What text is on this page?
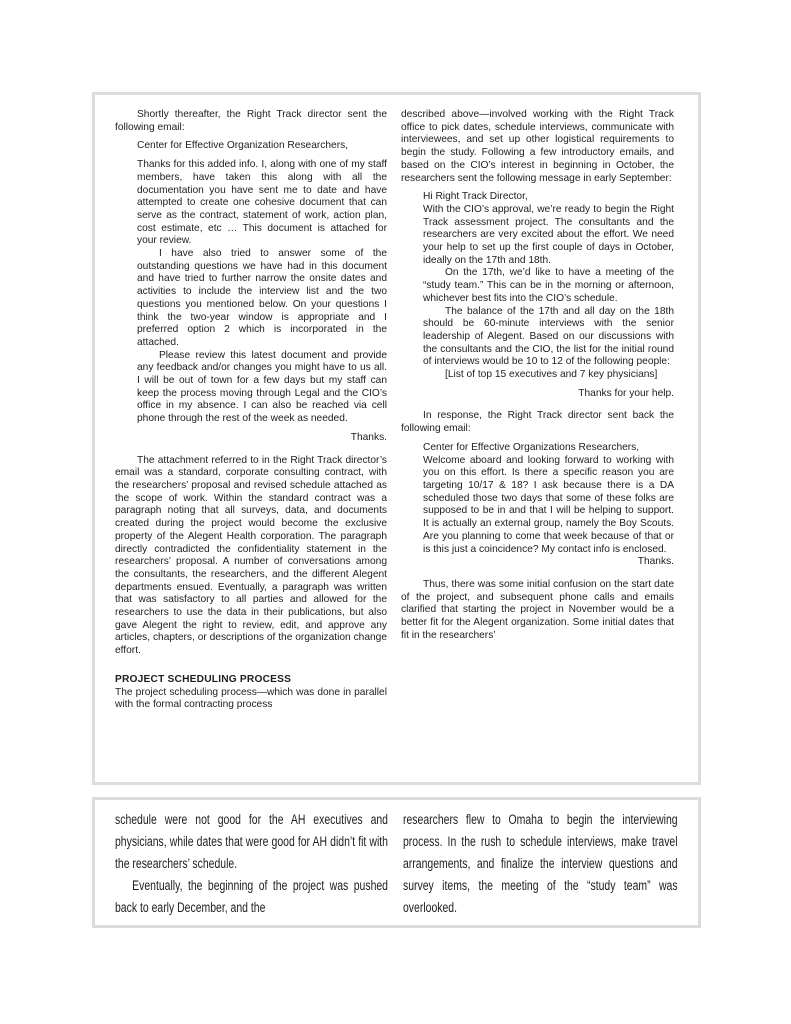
Shortly thereafter, the Right Track director sent the following email:

Center for Effective Organization Researchers,

Thanks for this added info. I, along with one of my staff members, have taken this along with all the documentation you have sent me to date and have attempted to create one cohesive document that can serve as the contract, statement of work, action plan, cost estimate, etc … This document is attached for your review.

I have also tried to answer some of the outstanding questions we have had in this document and have tried to further narrow the onsite dates and activities to include the interview list and the two questions you mentioned below. On your questions I think the two-year window is appropriate and I preferred option 2 which is incorporated in the attached.

Please review this latest document and provide any feedback and/or changes you might have to us all. I will be out of town for a few days but my staff can keep the process moving through Legal and the CIO’s office in my absence. I can also be reached via cell phone through the rest of the week as needed.

Thanks.

The attachment referred to in the Right Track director’s email was a standard, corporate consulting contract, with the researchers’ proposal and revised schedule attached as the scope of work. Within the standard contract was a paragraph noting that all surveys, data, and documents created during the project would become the exclusive property of the Alegent Health corporation. The paragraph directly contradicted the confidentiality statement in the researchers’ proposal. A number of conversations among the consultants, the researchers, and the different Alegent departments ensued. Eventually, a paragraph was written that was satisfactory to all parties and allowed for the researchers to use the data in their publications, but also gave Alegent the right to review, edit, and approve any articles, chapters, or descriptions of the organization change effort.

PROJECT SCHEDULING PROCESS

The project scheduling process—which was done in parallel with the formal contracting process

described above—involved working with the Right Track office to pick dates, schedule interviews, communicate with interviewees, and set up other logistical requirements to begin the study. Following a few introductory emails, and based on the CIO’s interest in beginning in October, the researchers sent the following message in early September:

Hi Right Track Director,

With the CIO’s approval, we’re ready to begin the Right Track assessment project. The consultants and the researchers are very excited about the effort. We need your help to set up the first couple of days in October, ideally on the 17th and 18th.

On the 17th, we’d like to have a meeting of the “study team.” This can be in the morning or afternoon, whichever best fits into the CIO’s schedule.

The balance of the 17th and all day on the 18th should be 60-minute interviews with the senior leadership of Alegent. Based on our discussions with the consultants and the CIO, the list for the initial round of interviews would be 10 to 12 of the following people:

[List of top 15 executives and 7 key physicians]

Thanks for your help.

In response, the Right Track director sent back the following email:

Center for Effective Organizations Researchers,

Welcome aboard and looking forward to working with you on this effort. Is there a specific reason you are targeting 10/17 & 18? I ask because there is a DA scheduled those two days that some of these folks are supposed to be in and that I will be helping to support. It is actually an external group, namely the Boy Scouts. Are you planning to come that week because of that or is this just a coincidence? My contact info is enclosed.

Thanks.

Thus, there was some initial confusion on the start date of the project, and subsequent phone calls and emails clarified that starting the project in November would be a better fit for the Alegent organization. Some initial dates that fit in the researchers’

schedule were not good for the AH executives and physicians, while dates that were good for AH didn’t fit with the researchers’ schedule.

Eventually, the beginning of the project was pushed back to early December, and the

researchers flew to Omaha to begin the interviewing process. In the rush to schedule interviews, make travel arrangements, and finalize the interview questions and survey items, the meeting of the “study team” was overlooked.
